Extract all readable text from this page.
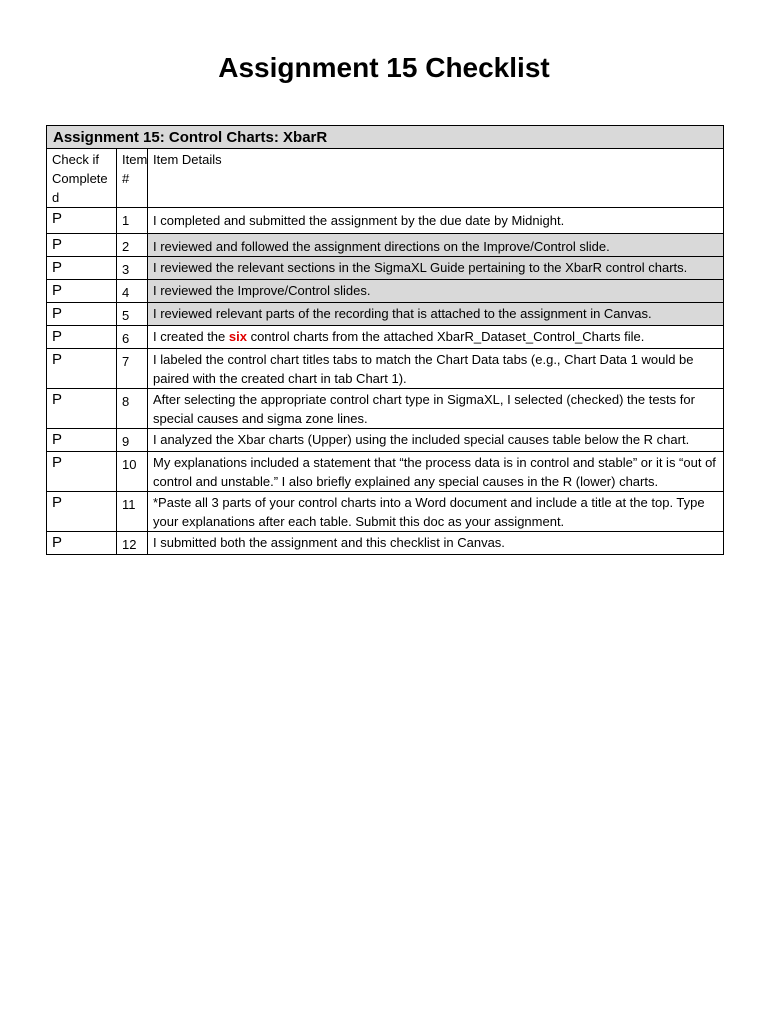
Assignment 15 Checklist
Assignment 15: Control Charts: XbarR		
Check if Complete d	Item #	Item Details
P	1	I completed and submitted the assignment by the due date by Midnight.
P	2	I reviewed and followed the assignment directions on the Improve/Control slide.
P	3	I reviewed the relevant sections in the SigmaXL Guide pertaining to the XbarR control charts.
P	4	I reviewed the Improve/Control slides.
P	5	I reviewed relevant parts of the recording that is attached to the assignment in Canvas.
P	6	I created the six control charts from the attached XbarR_Dataset_Control_Charts file.
P	7	I labeled the control chart titles tabs to match the Chart Data tabs (e.g., Chart Data 1 would be paired with the created chart in tab Chart 1).
P	8	After selecting the appropriate control chart type in SigmaXL, I selected (checked) the tests for special causes and sigma zone lines.
P	9	I analyzed the Xbar charts (Upper) using the included special causes table below the R chart.
P	10	My explanations included a statement that “the process data is in control and stable” or it is “out of control and unstable.” I also briefly explained any special causes in the R (lower) charts.
P	11	*Paste all 3 parts of your control charts into a Word document and include a title at the top. Type your explanations after each table. Submit this doc as your assignment.
P	12	I submitted both the assignment and this checklist in Canvas.
